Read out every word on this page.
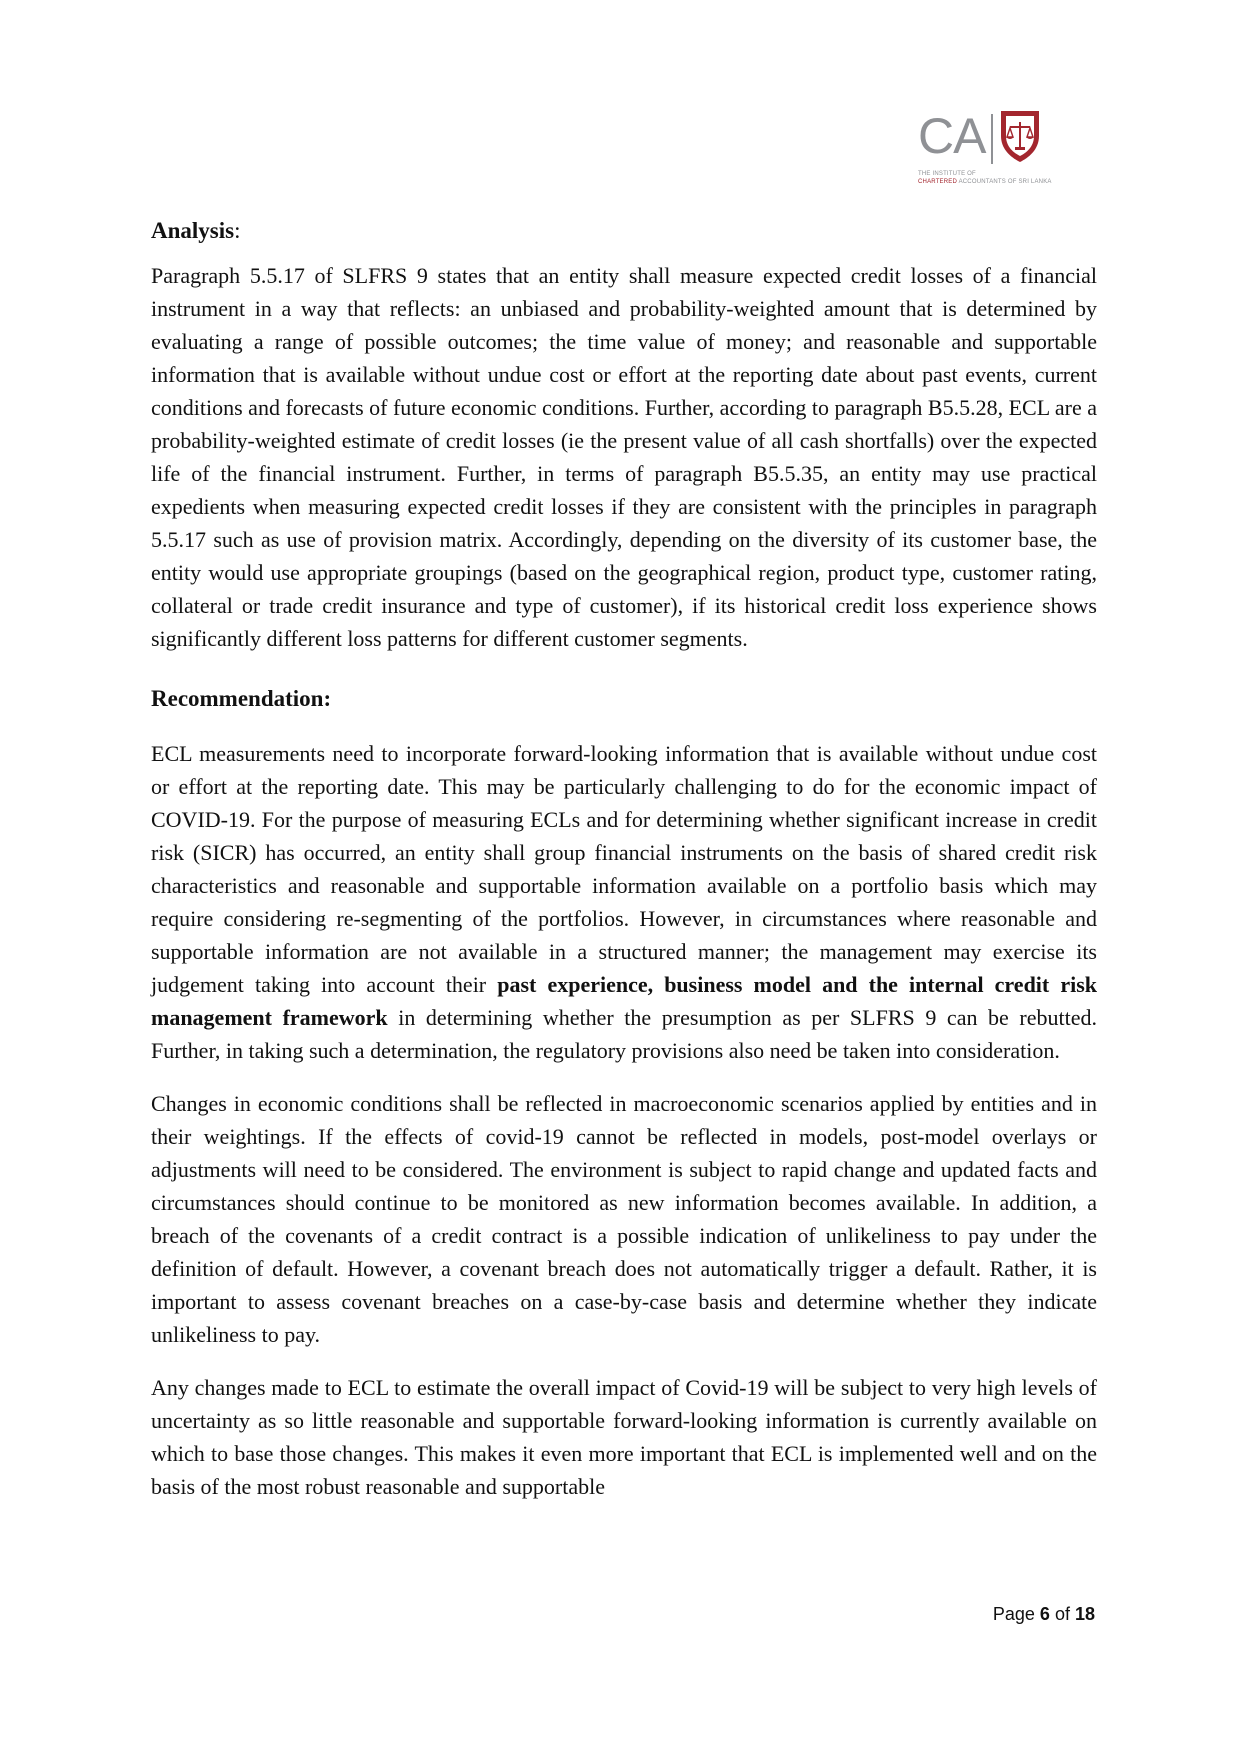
CA
THE INSTITUTE OF
CHARTERED ACCOUNTANTS OF SRI LANKA

Analysis:

Paragraph 5.5.17 of SLFRS 9 states that an entity shall measure expected credit losses of a financial instrument in a way that reflects: an unbiased and probability-weighted amount that is determined by evaluating a range of possible outcomes; the time value of money; and reasonable and supportable information that is available without undue cost or effort at the reporting date about past events, current conditions and forecasts of future economic conditions. Further, according to paragraph B5.5.28, ECL are a probability-weighted estimate of credit losses (ie the present value of all cash shortfalls) over the expected life of the financial instrument. Further, in terms of paragraph B5.5.35, an entity may use practical expedients when measuring expected credit losses if they are consistent with the principles in paragraph 5.5.17 such as use of provision matrix. Accordingly, depending on the diversity of its customer base, the entity would use appropriate groupings (based on the geographical region, product type, customer rating, collateral or trade credit insurance and type of customer), if its historical credit loss experience shows significantly different loss patterns for different customer segments.

Recommendation:

ECL measurements need to incorporate forward-looking information that is available without undue cost or effort at the reporting date. This may be particularly challenging to do for the economic impact of COVID-19. For the purpose of measuring ECLs and for determining whether significant increase in credit risk (SICR) has occurred, an entity shall group financial instruments on the basis of shared credit risk characteristics and reasonable and supportable information available on a portfolio basis which may require considering re-segmenting of the portfolios. However, in circumstances where reasonable and supportable information are not available in a structured manner; the management may exercise its judgement taking into account their past experience, business model and the internal credit risk management framework in determining whether the presumption as per SLFRS 9 can be rebutted. Further, in taking such a determination, the regulatory provisions also need be taken into consideration.

Changes in economic conditions shall be reflected in macroeconomic scenarios applied by entities and in their weightings. If the effects of covid-19 cannot be reflected in models, post-model overlays or adjustments will need to be considered. The environment is subject to rapid change and updated facts and circumstances should continue to be monitored as new information becomes available. In addition, a breach of the covenants of a credit contract is a possible indication of unlikeliness to pay under the definition of default. However, a covenant breach does not automatically trigger a default. Rather, it is important to assess covenant breaches on a case-by-case basis and determine whether they indicate unlikeliness to pay.

Any changes made to ECL to estimate the overall impact of Covid-19 will be subject to very high levels of uncertainty as so little reasonable and supportable forward-looking information is currently available on which to base those changes. This makes it even more important that ECL is implemented well and on the basis of the most robust reasonable and supportable

Page 6 of 18
